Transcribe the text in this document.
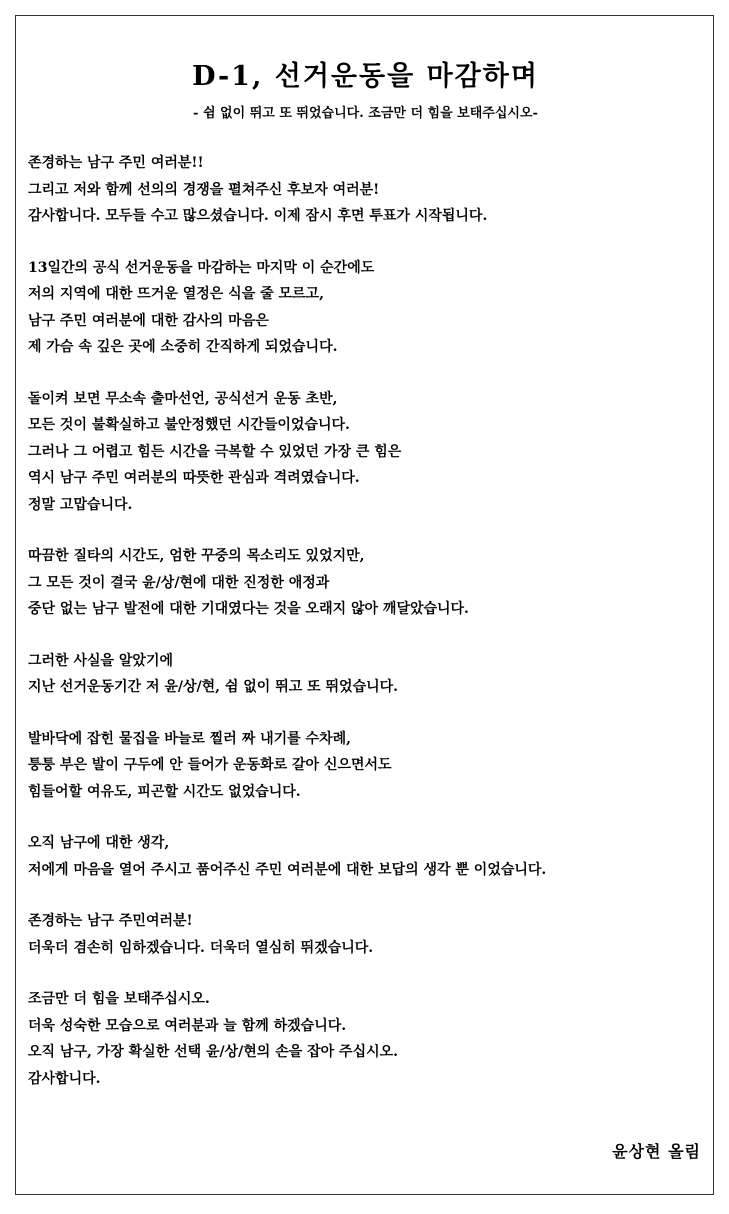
D-1, 선거운동을 마감하며
- 쉼 없이 뛰고 또 뛰었습니다. 조금만 더 힘을 보태주십시오-
존경하는 남구 주민 여러분!!
그리고 저와 함께 선의의 경쟁을 펼쳐주신 후보자 여러분!
감사합니다. 모두들 수고 많으셨습니다. 이제 잠시 후면 투표가 시작됩니다.
13일간의 공식 선거운동을 마감하는 마지막 이 순간에도
저의 지역에 대한 뜨거운 열정은 식을 줄 모르고,
남구 주민 여러분에 대한 감사의 마음은
제 가슴 속 깊은 곳에 소중히 간직하게 되었습니다.
돌이켜 보면 무소속 출마선언, 공식선거 운동 초반,
모든 것이 불확실하고 불안정했던 시간들이었습니다.
그러나 그 어렵고 힘든 시간을 극복할 수 있었던 가장 큰 힘은
역시 남구 주민 여러분의 따뜻한 관심과 격려였습니다.
정말 고맙습니다.
따끔한 질타의 시간도, 엄한 꾸중의 목소리도 있었지만,
그 모든 것이 결국 윤/상/현에 대한 진정한 애정과
중단 없는 남구 발전에 대한 기대였다는 것을 오래지 않아 깨달았습니다.
그러한 사실을 알았기에
지난 선거운동기간 저 윤/상/현, 쉼 없이 뛰고 또 뛰었습니다.
발바닥에 잡힌 물집을 바늘로 찔러 짜 내기를 수차례,
퉁퉁 부은 발이 구두에 안 들어가 운동화로 갈아 신으면서도
힘들어할 여유도, 피곤할 시간도 없었습니다.
오직 남구에 대한 생각,
저에게 마음을 열어 주시고 품어주신 주민 여러분에 대한 보답의 생각 뿐 이었습니다.
존경하는 남구 주민여러분!
더욱더 겸손히 임하겠습니다. 더욱더 열심히 뛰겠습니다.
조금만 더 힘을 보태주십시오.
더욱 성숙한 모습으로 여러분과 늘 함께 하겠습니다.
오직 남구, 가장 확실한 선택 윤/상/현의 손을 잡아 주십시오.
감사합니다.
윤상현 올림
